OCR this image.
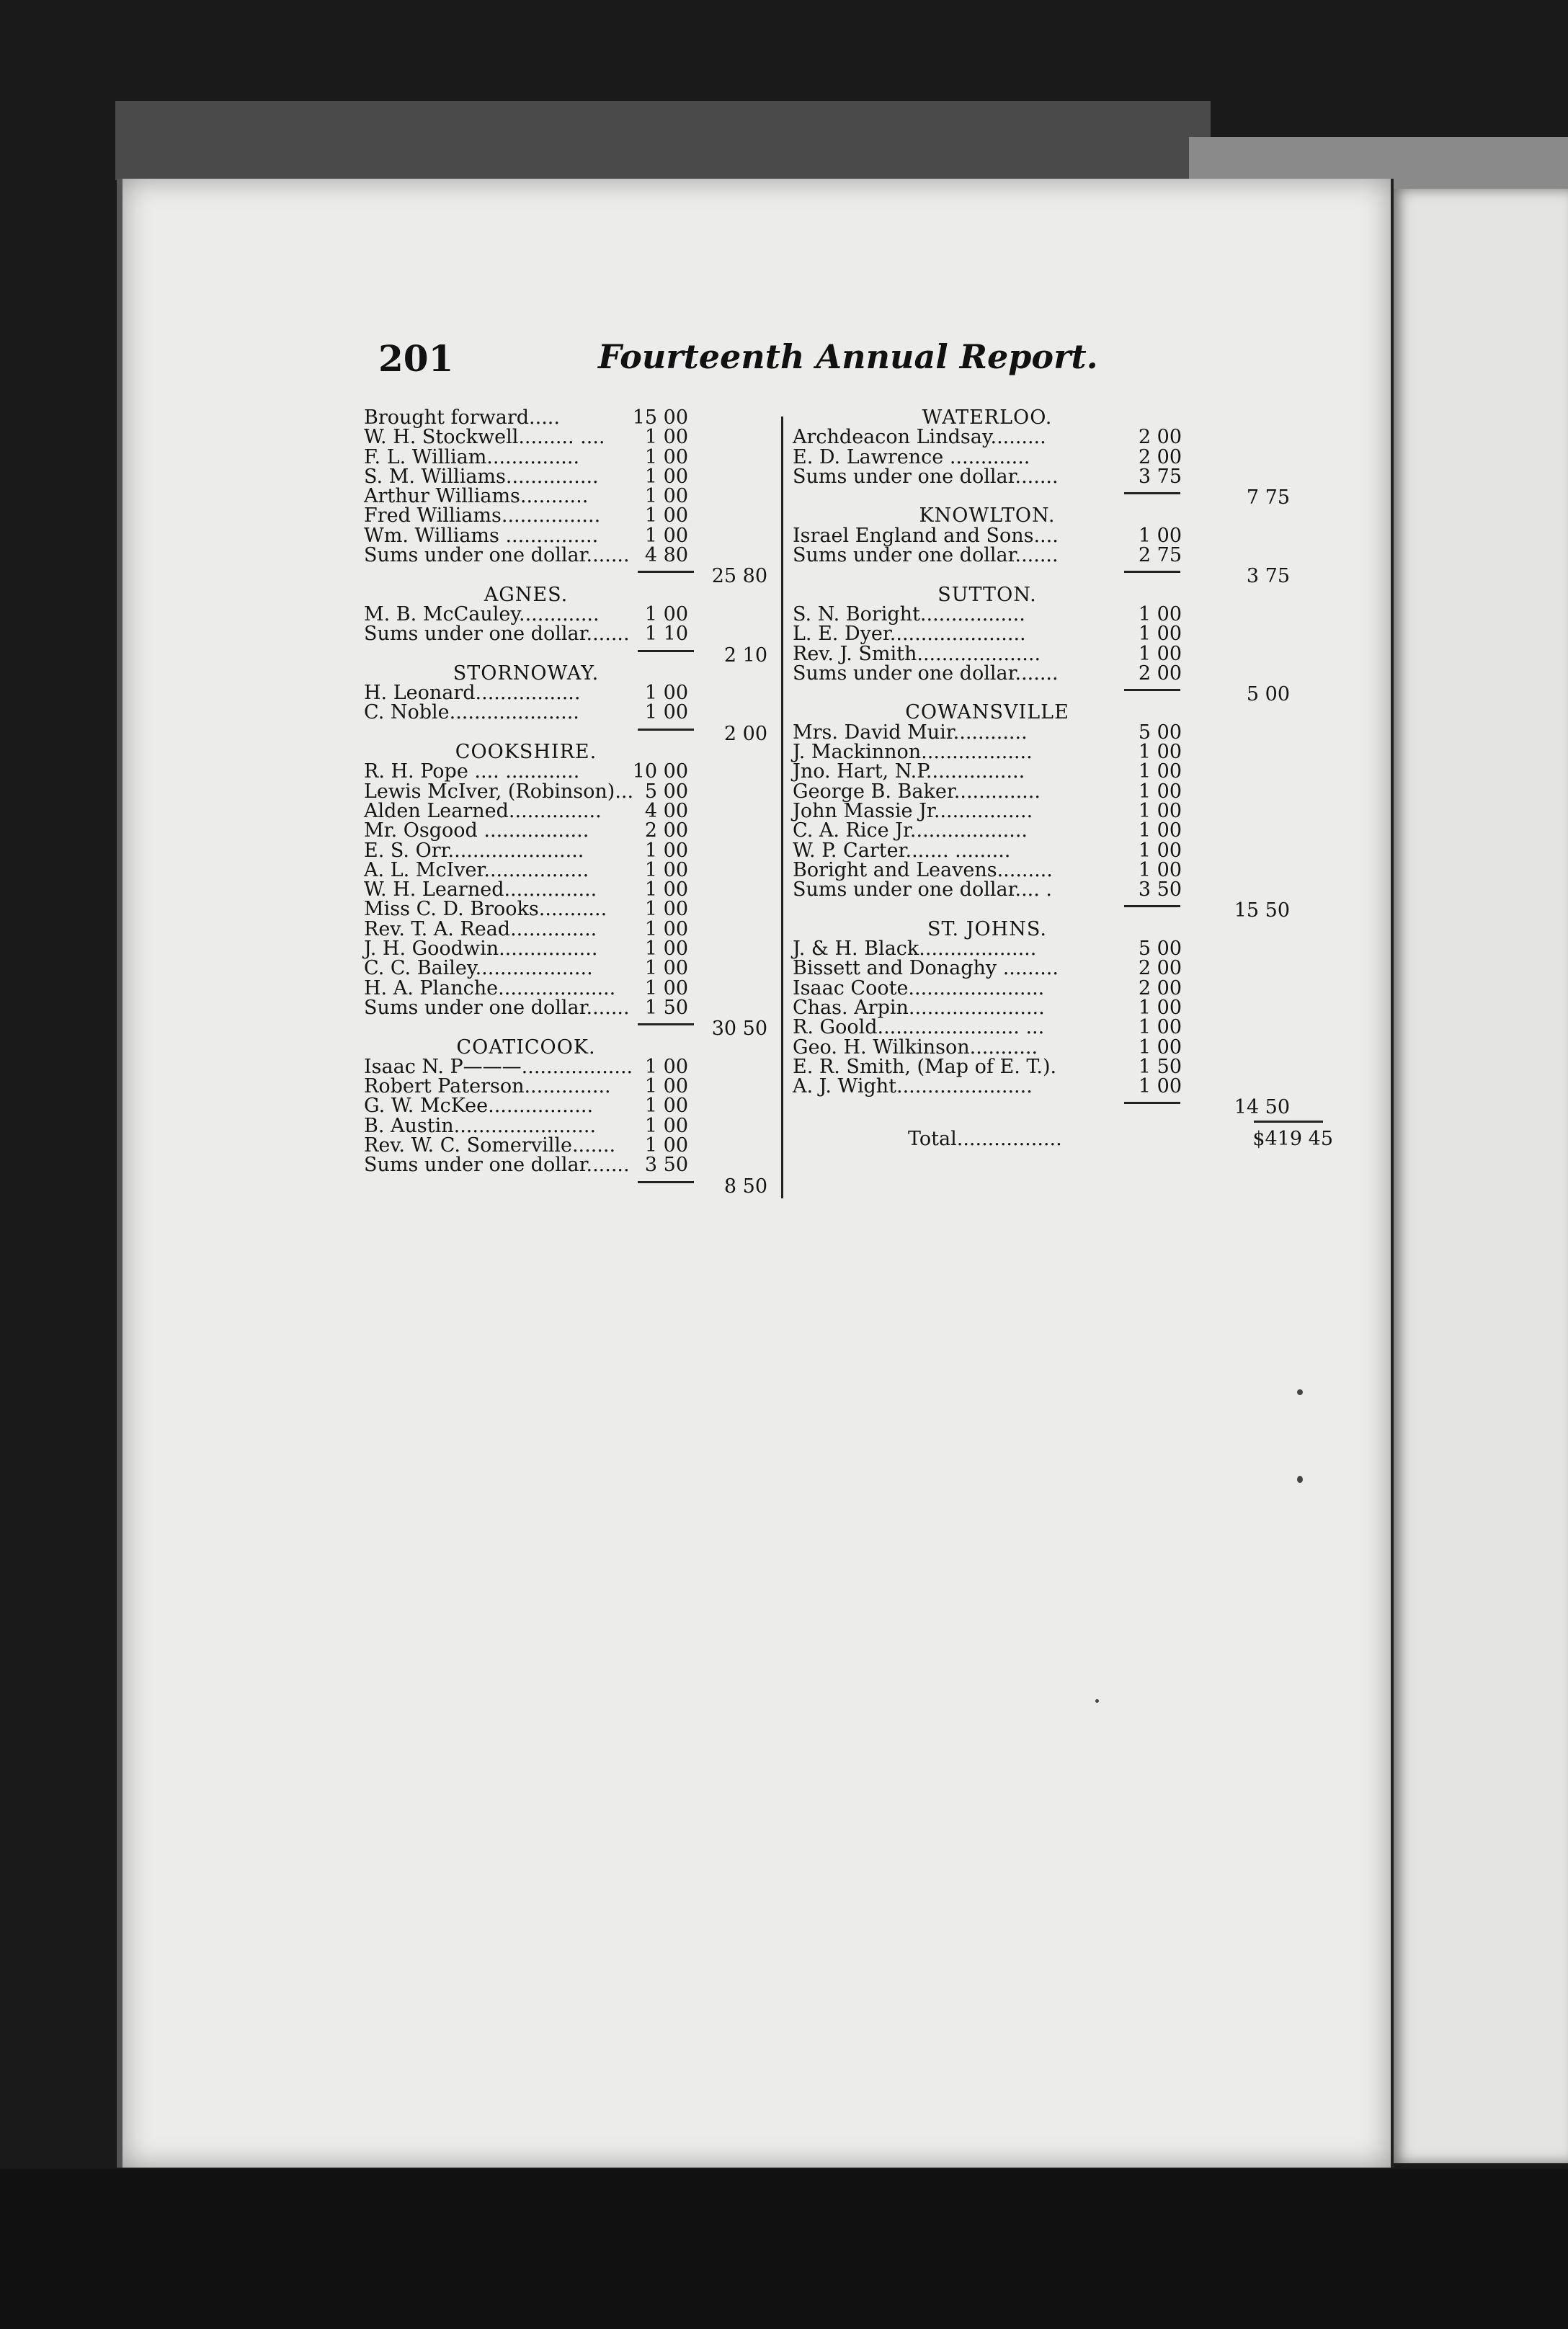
201	Fourteenth Annual Report.
Brought forward.....	15 00
W. H. Stockwell......... ....	1 00
F. L. William...............	1 00
S. M. Williams...............	1 00
Arthur Williams...........	1 00
Fred Williams................	1 00
Wm. Williams ...............	1 00
Sums under one dollar....... 4 80
25 80
AGNES.
M. B. McCauley.............	1 00
Sums under one dollar....... 1 10
2 10
STORNOWAY.
H. Leonard.................	1 00
C. Noble.....................	1 00
2 00
COOKSHIRE.
R. H. Pope .... ............	10 00
Lewis McIver, (Robinson)... 5 00
Alden Learned...............	4 00
Mr. Osgood .................	2 00
E. S. Orr......................	1 00
A. L. McIver.................	1 00
W. H. Learned...............	1 00
Miss C. D. Brooks...........	1 00
Rev. T. A. Read..............	1 00
J. H. Goodwin................	1 00
C. C. Bailey...................	1 00
H. A. Planche...................	1 00
Sums under one dollar....... 1 50
30 50
COATICOOK.
Isaac N. P———.................. 1 00
Robert Paterson..............	1 00
G. W. McKee.................	1 00
B. Austin.......................	1 00
Rev. W. C. Somerville.......	1 00
Sums under one dollar....... 3 50
8 50
WATERLOO.
Archdeacon Lindsay.........	2 00
E. D. Lawrence .............	2 00
Sums under one dollar.......	3 75
7 75
KNOWLTON.
Israel England and Sons....	1 00
Sums under one dollar.......	2 75
3 75
SUTTON.
S. N. Boright.................	1 00
L. E. Dyer......................	1 00
Rev. J. Smith....................	1 00
Sums under one dollar.......	2 00
5 00
COWANSVILLE
Mrs. David Muir............	5 00
J. Mackinnon..................	1 00
Jno. Hart, N.P................	1 00
George B. Baker..............	1 00
John Massie Jr................	1 00
C. A. Rice Jr...................	1 00
W. P. Carter....... .........	1 00
Boright and Leavens.........	1 00
Sums under one dollar.... .	3 50
15 50
ST. JOHNS.
J. & H. Black...................	5 00
Bissett and Donaghy .........	2 00
Isaac Coote......................	2 00
Chas. Arpin......................	1 00
R. Goold....................... ...	1 00
Geo. H. Wilkinson...........	1 00
E. R. Smith, (Map of E. T.).	1 50
A. J. Wight......................	1 00
14 50
Total.................	$419 45
